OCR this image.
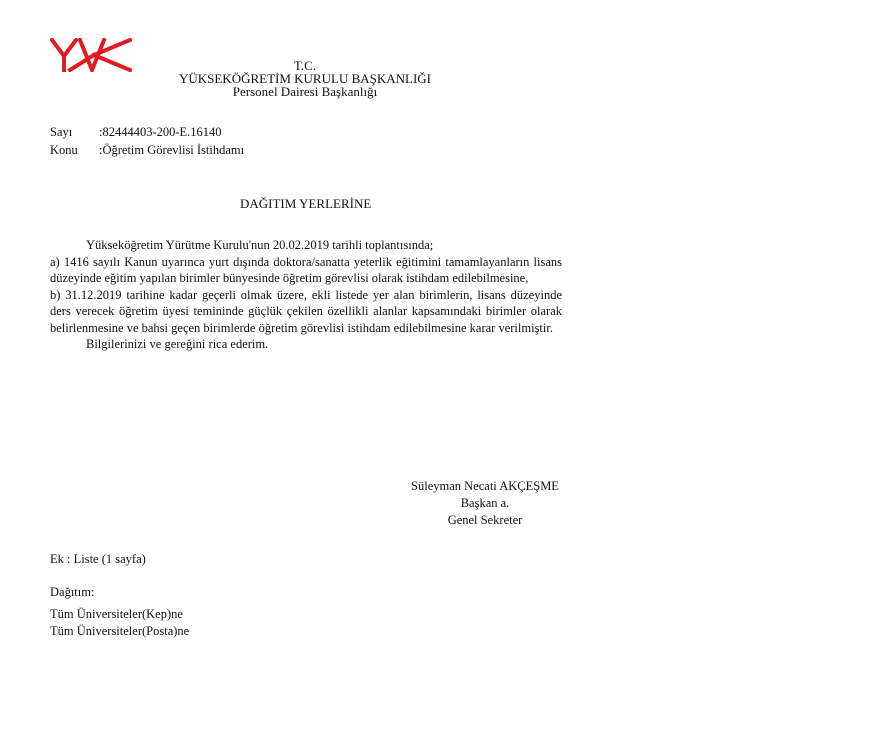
T.C.
YÜKSEKÖĞRETİM KURULU BAŞKANLIĞI
Personel Dairesi Başkanlığı
Sayı :82444403-200-E.16140
Konu :Öğretim Görevlisi İstihdamı
DAĞITIM YERLERİNE

Yükseköğretim Yürütme Kurulu'nun 20.02.2019 tarihli toplantısında;

a) 1416 sayılı Kanun uyarınca yurt dışında doktora/sanatta yeterlik eğitimini tamamlayanların lisans düzeyinde eğitim yapılan birimler bünyesinde öğretim görevlisi olarak istihdam edilebilmesine,

b) 31.12.2019 tarihine kadar geçerli olmak üzere, ekli listede yer alan birimlerin, lisans düzeyinde ders verecek öğretim üyesi temininde güçlük çekilen özellikli alanlar kapsamındaki birimler olarak belirlenmesine ve bahsi geçen birimlerde öğretim görevlisi istihdam edilebilmesine karar verilmiştir.

Bilgilerinizi ve gereğini rica ederim.

Süleyman Necati AKÇEŞME
Başkan a.
Genel Sekreter
Ek : Liste (1 sayfa)
Dağıtım:
Tüm Üniversiteler(Kep)ne
Tüm Üniversiteler(Posta)ne
